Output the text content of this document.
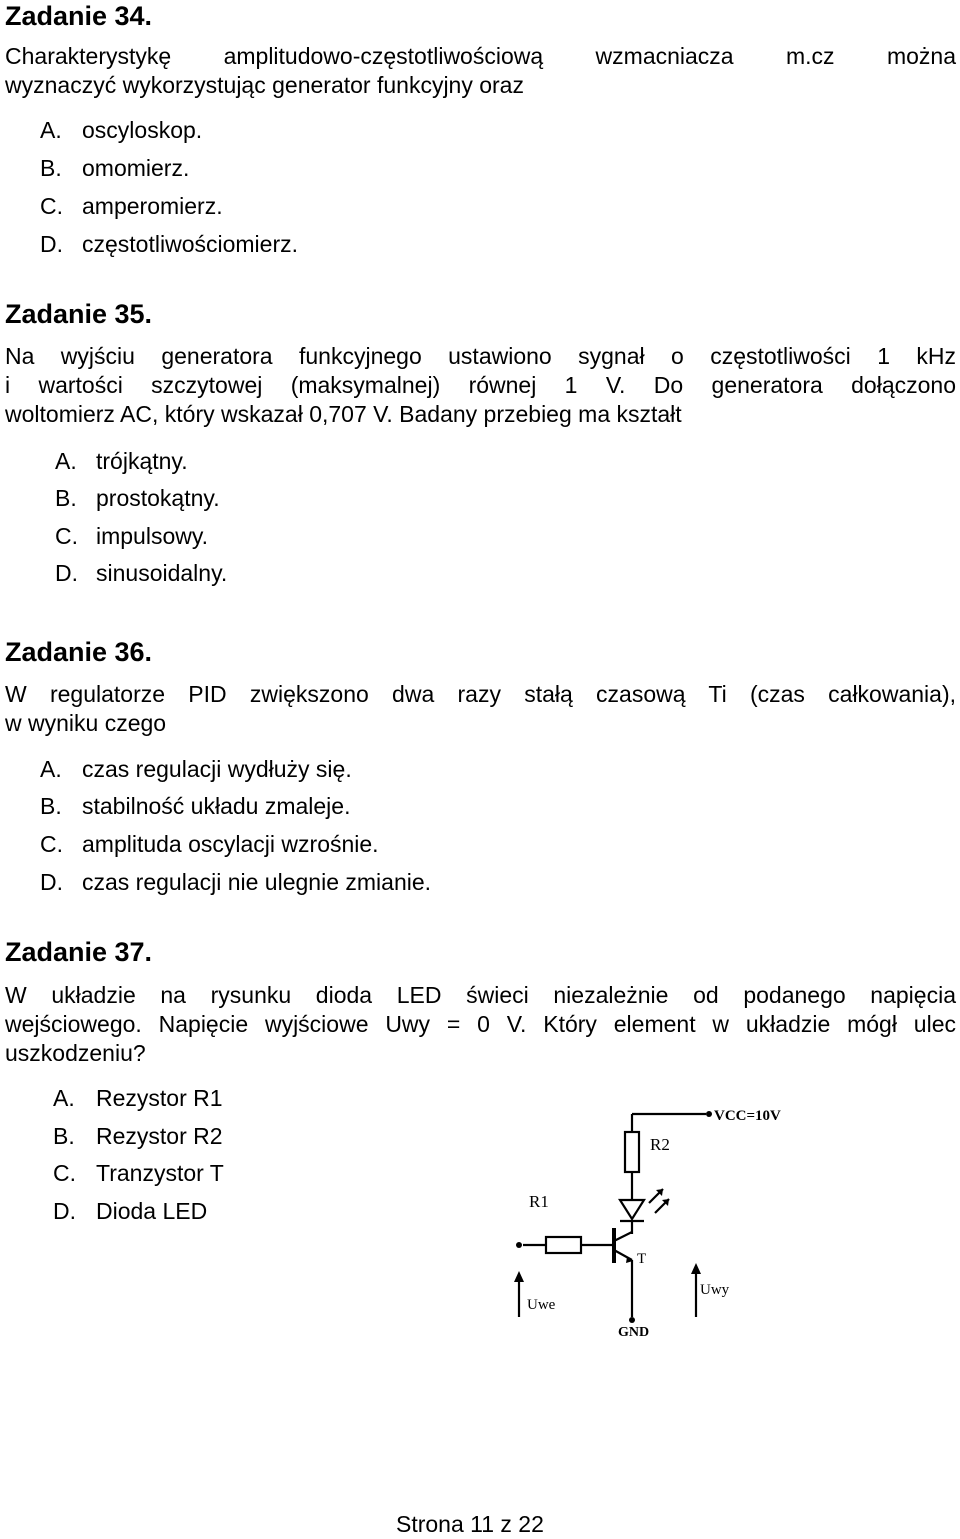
Zadanie 34.
Charakterystykę amplitudowo-częstotliwościową wzmacniacza m.cz można
wyznaczyć wykorzystując generator funkcyjny oraz
A. oscyloskop.
B. omomierz.
C. amperomierz.
D. częstotliwościomierz.
Zadanie 35.
Na wyjściu generatora funkcyjnego ustawiono sygnał o częstotliwości 1 kHz
i wartości szczytowej (maksymalnej) równej 1 V. Do generatora dołączono
woltomierz AC, który wskazał 0,707 V. Badany przebieg ma kształt
A. trójkątny.
B. prostokątny.
C. impulsowy.
D. sinusoidalny.
Zadanie 36.
W regulatorze PID zwiększono dwa razy stałą czasową Ti (czas całkowania),
w wyniku czego
A. czas regulacji wydłuży się.
B. stabilność układu zmaleje.
C. amplituda oscylacji wzrośnie.
D. czas regulacji nie ulegnie zmianie.
Zadanie 37.
W układzie na rysunku dioda LED świeci niezależnie od podanego napięcia
wejściowego. Napięcie wyjściowe Uwy = 0 V. Który element w układzie mógł ulec
uszkodzeniu?
A. Rezystor R1
B. Rezystor R2
C. Tranzystor T
D. Dioda LED
VCC=10V
R2
R1
T
Uwe
Uwy
GND
Strona 11 z 22
